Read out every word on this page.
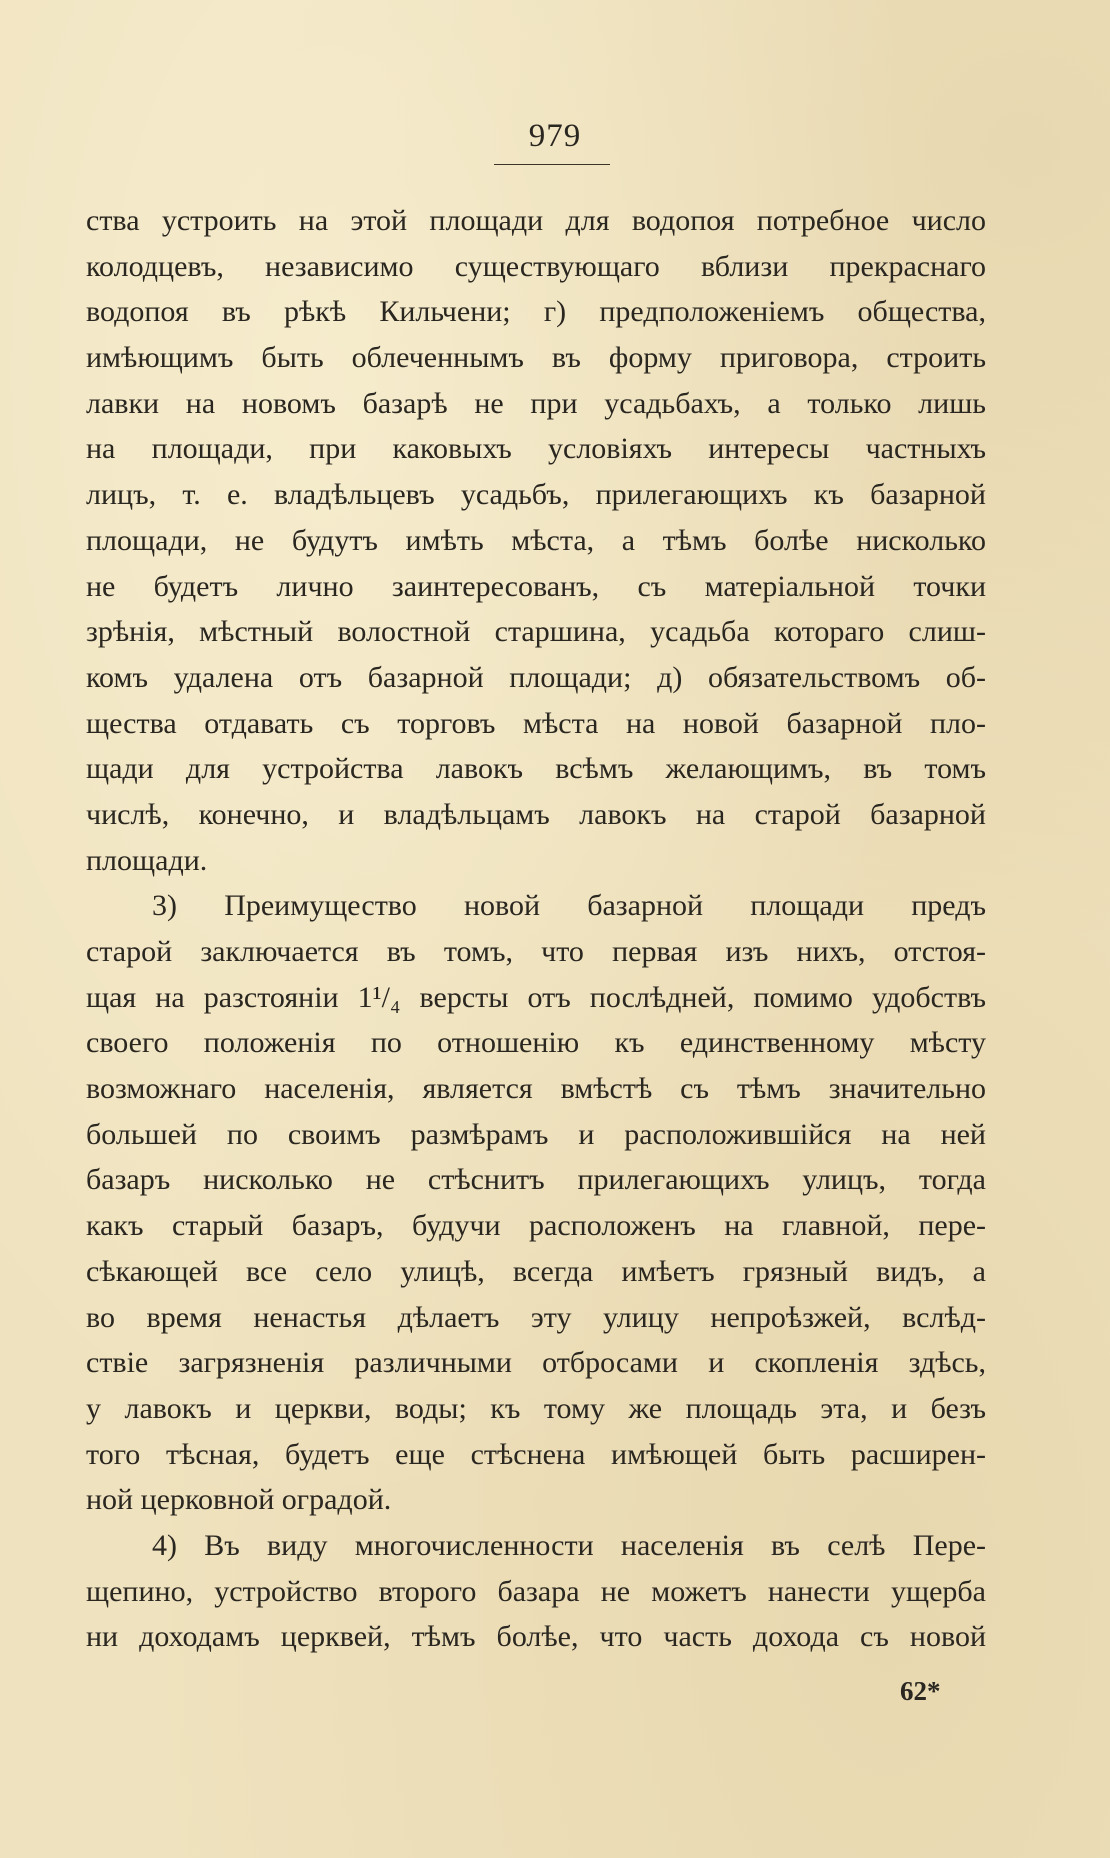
979
ства устроить на этой площади для водопоя потребное число
колодцевъ, независимо существующаго вблизи прекраснаго
водопоя въ рѣкѣ Кильчени; г) предположеніемъ общества,
имѣющимъ быть облеченнымъ въ форму приговора, строить
лавки на новомъ базарѣ не при усадьбахъ, а только лишь
на площади, при каковыхъ условіяхъ интересы частныхъ
лицъ, т. е. владѣльцевъ усадьбъ, прилегающихъ къ базарной
площади, не будутъ имѣть мѣста, а тѣмъ болѣе нисколько
не будетъ лично заинтересованъ, съ матеріальной точки
зрѣнія, мѣстный волостной старшина, усадьба котораго слиш-
комъ удалена отъ базарной площади; д) обязательствомъ об-
щества отдавать съ торговъ мѣста на новой базарной пло-
щади для устройства лавокъ всѣмъ желающимъ, въ томъ
числѣ, конечно, и владѣльцамъ лавокъ на старой базарной
площади.
3) Преимущество новой базарной площади предъ
старой заключается въ томъ, что первая изъ нихъ, отстоя-
щая на разстояніи 1¹/₄ версты отъ послѣдней, помимо удобствъ
своего положенія по отношенію къ единственному мѣсту
возможнаго населенія, является вмѣстѣ съ тѣмъ значительно
большей по своимъ размѣрамъ и расположившійся на ней
базаръ нисколько не стѣснитъ прилегающихъ улицъ, тогда
какъ старый базаръ, будучи расположенъ на главной, пере-
сѣкающей все село улицѣ, всегда имѣетъ грязный видъ, а
во время ненастья дѣлаетъ эту улицу непроѣзжей, вслѣд-
ствіе загрязненія различными отбросами и скопленія здѣсь,
у лавокъ и церкви, воды; къ тому же площадь эта, и безъ
того тѣсная, будетъ еще стѣснена имѣющей быть расширен-
ной церковной оградой.
4) Въ виду многочисленности населенія въ селѣ Пере-
щепино, устройство второго базара не можетъ нанести ущерба
ни доходамъ церквей, тѣмъ болѣе, что часть дохода съ новой
62*
